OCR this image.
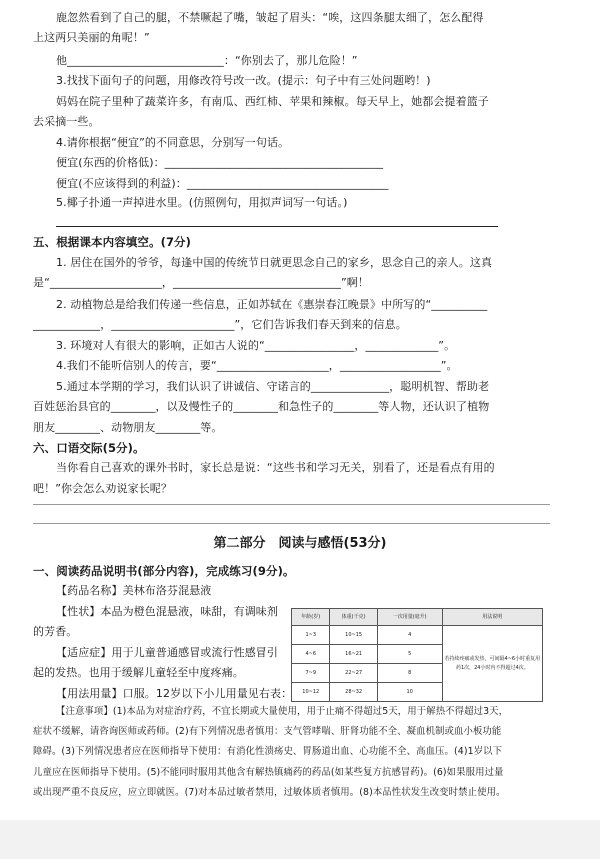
鹿忽然看到了自己的腿，不禁噘起了嘴，皱起了眉头：“唉，这四条腿太细了，怎么配得
上这两只美丽的角呢！”
他____________________________：“你别去了，那儿危险！”
3.找找下面句子的问题，用修改符号改一改。(提示：句子中有三处问题哟！)
妈妈在院子里种了蔬菜许多，有南瓜、西红柿、苹果和辣椒。每天早上，她都会提着篮子
去采摘一些。
4.请你根据“便宜”的不同意思，分别写一句话。
便宜(东西的价格低)：_______________________________________
便宜(不应该得到的利益)：____________________________________
5.椰子扑通一声掉进水里。(仿照例句，用拟声词写一句话。)
五、根据课本内容填空。(7分)
1. 居住在国外的爷爷，每逢中国的传统节日就更思念自己的家乡，思念自己的亲人。这真
是“____________________，______________________________”啊！
2. 动植物总是给我们传递一些信息，正如苏轼在《惠崇春江晚景》中所写的“__________
____________，______________________”，它们告诉我们春天到来的信息。
3. 环境对人有很大的影响，正如古人说的“________________，_____________”。
4.我们不能听信别人的传言，要“____________________，__________________”。
5.通过本学期的学习，我们认识了讲诚信、守诺言的______________，聪明机智、帮助老
百姓惩治县官的________，以及慢性子的________和急性子的________等人物，还认识了植物
朋友________、动物朋友________等。
六、口语交际(5分)。
当你看自己喜欢的课外书时，家长总是说：“这些书和学习无关，别看了，还是看点有用的
吧！”你会怎么劝说家长呢？
第二部分　阅读与感悟(53分)
一、阅读药品说明书(部分内容)，完成练习(9分)。
【药品名称】美林布洛芬混悬液
【性状】本品为橙色混悬液，味甜，有调味剂
的芳香。
【适应症】用于儿童普通感冒或流行性感冒引
起的发热。也用于缓解儿童轻至中度疼痛。
【用法用量】口服。12岁以下小儿用量见右表：
年龄(岁)	体重(千克)	一次用量(毫升)	用法说明
1~3	10~15	4	若持续疼痛或发热，可间隔4~6小时重复用药1次，24小时内不得超过4次。
4~6	16~21	5	
7~9	22~27	8	
10~12	28~32	10	
【注意事项】(1)本品为对症治疗药，不宜长期或大量使用，用于止痛不得超过5天，用于解热不得超过3天，
症状不缓解，请咨询医师或药师。(2)有下列情况患者慎用：支气管哮喘、肝肾功能不全、凝血机制或血小板功能
障碍。(3)下列情况患者应在医师指导下使用：有消化性溃疡史、胃肠道出血、心功能不全、高血压。(4)1岁以下
儿童应在医师指导下使用。(5)不能同时服用其他含有解热镇痛药的药品(如某些复方抗感冒药)。(6)如果服用过量
或出现严重不良反应，应立即就医。(7)对本品过敏者禁用，过敏体质者慎用。(8)本品性状发生改变时禁止使用。
